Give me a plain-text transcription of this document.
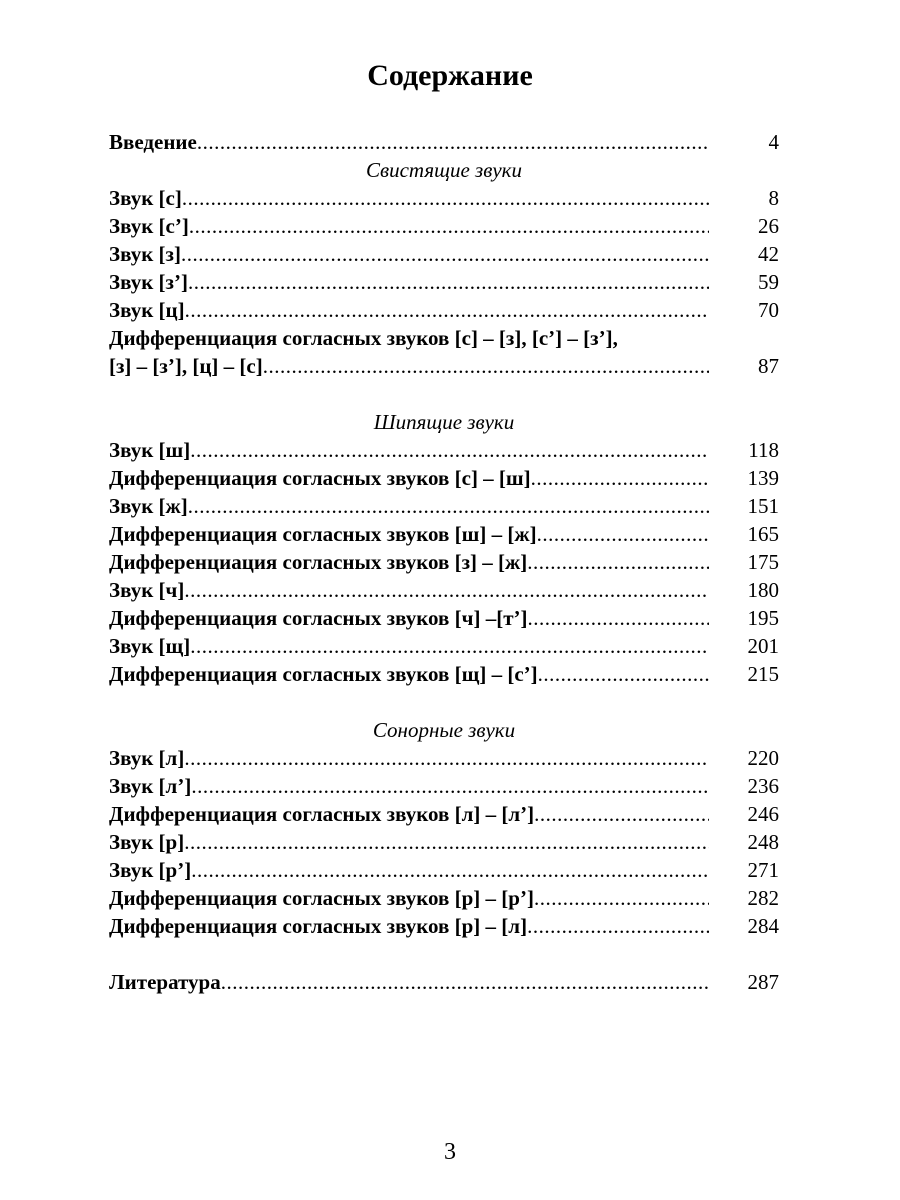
Содержание
Введение .....	4
Свистящие звуки
Звук [с] .....	8
Звук [с’] .....	26
Звук [з] .....	42
Звук [з’] .....	59
Звук [ц] .....	70
Дифференциация согласных звуков [с] – [з], [с’] – [з’],
[з] – [з’], [ц] – [с] .....	87
Шипящие звуки
Звук [ш] .....	118
Дифференциация согласных звуков [с] – [ш] .....	139
Звук [ж] .....	151
Дифференциация согласных звуков [ш] – [ж] .....	165
Дифференциация согласных звуков [з] – [ж] .....	175
Звук [ч] .....	180
Дифференциация согласных звуков [ч] –[т’] .....	195
Звук [щ] .....	201
Дифференциация согласных звуков [щ] – [с’] .....	215
Сонорные звуки
Звук [л] .....	220
Звук [л’] .....	236
Дифференциация согласных звуков [л] – [л’] .....	246
Звук [р] .....	248
Звук [р’] .....	271
Дифференциация согласных звуков [р] – [р’] .....	282
Дифференциация согласных звуков [р] – [л] .....	284
Литература .....	287
3
